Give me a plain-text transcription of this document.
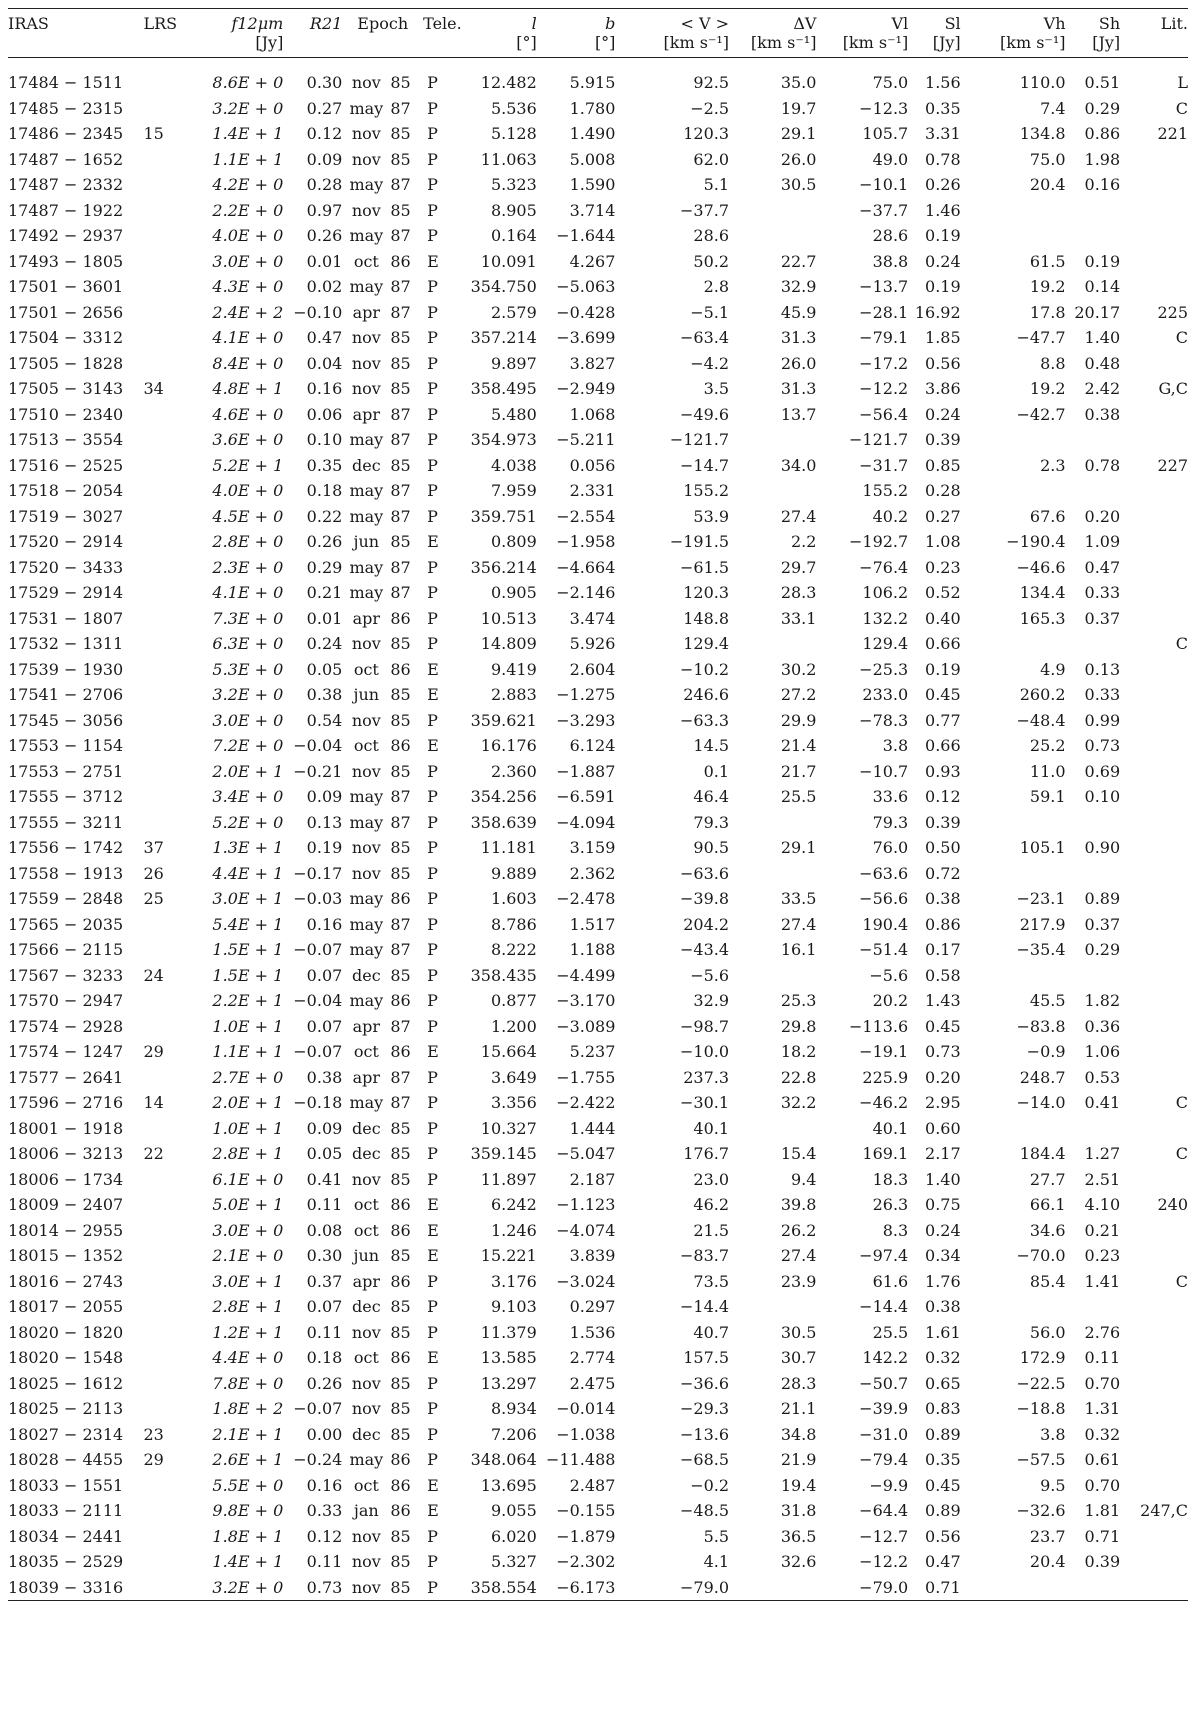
IRAS	LRS	f12μm	R21	Epoch		Tele.	l	b	< V >	ΔV	Vl	Sl	Vh	Sh	Lit.
		[Jy]					[°]	[°]	[km s⁻¹]	[km s⁻¹]	[km s⁻¹]	[Jy]	[km s⁻¹]	[Jy]	

17484 − 1511		8.6E + 0	0.30	nov	85	P	12.482	5.915	92.5	35.0	75.0	1.56	110.0	0.51	L
17485 − 2315		3.2E + 0	0.27	may	87	P	5.536	1.780	−2.5	19.7	−12.3	0.35	7.4	0.29	C
17486 − 2345	15	1.4E + 1	0.12	nov	85	P	5.128	1.490	120.3	29.1	105.7	3.31	134.8	0.86	221
17487 − 1652		1.1E + 1	0.09	nov	85	P	11.063	5.008	62.0	26.0	49.0	0.78	75.0	1.98	
17487 − 2332		4.2E + 0	0.28	may	87	P	5.323	1.590	5.1	30.5	−10.1	0.26	20.4	0.16	
17487 − 1922		2.2E + 0	0.97	nov	85	P	8.905	3.714	−37.7		−37.7	1.46			
17492 − 2937		4.0E + 0	0.26	may	87	P	0.164	−1.644	28.6		28.6	0.19			
17493 − 1805		3.0E + 0	0.01	oct	86	E	10.091	4.267	50.2	22.7	38.8	0.24	61.5	0.19	
17501 − 3601		4.3E + 0	0.02	may	87	P	354.750	−5.063	2.8	32.9	−13.7	0.19	19.2	0.14	
17501 − 2656		2.4E + 2	−0.10	apr	87	P	2.579	−0.428	−5.1	45.9	−28.1	16.92	17.8	20.17	225
17504 − 3312		4.1E + 0	0.47	nov	85	P	357.214	−3.699	−63.4	31.3	−79.1	1.85	−47.7	1.40	C
17505 − 1828		8.4E + 0	0.04	nov	85	P	9.897	3.827	−4.2	26.0	−17.2	0.56	8.8	0.48	
17505 − 3143	34	4.8E + 1	0.16	nov	85	P	358.495	−2.949	3.5	31.3	−12.2	3.86	19.2	2.42	G,C
17510 − 2340		4.6E + 0	0.06	apr	87	P	5.480	1.068	−49.6	13.7	−56.4	0.24	−42.7	0.38	
17513 − 3554		3.6E + 0	0.10	may	87	P	354.973	−5.211	−121.7		−121.7	0.39			
17516 − 2525		5.2E + 1	0.35	dec	85	P	4.038	0.056	−14.7	34.0	−31.7	0.85	2.3	0.78	227
17518 − 2054		4.0E + 0	0.18	may	87	P	7.959	2.331	155.2		155.2	0.28			
17519 − 3027		4.5E + 0	0.22	may	87	P	359.751	−2.554	53.9	27.4	40.2	0.27	67.6	0.20	
17520 − 2914		2.8E + 0	0.26	jun	85	E	0.809	−1.958	−191.5	2.2	−192.7	1.08	−190.4	1.09	
17520 − 3433		2.3E + 0	0.29	may	87	P	356.214	−4.664	−61.5	29.7	−76.4	0.23	−46.6	0.47	
17529 − 2914		4.1E + 0	0.21	may	87	P	0.905	−2.146	120.3	28.3	106.2	0.52	134.4	0.33	
17531 − 1807		7.3E + 0	0.01	apr	86	P	10.513	3.474	148.8	33.1	132.2	0.40	165.3	0.37	
17532 − 1311		6.3E + 0	0.24	nov	85	P	14.809	5.926	129.4		129.4	0.66			C
17539 − 1930		5.3E + 0	0.05	oct	86	E	9.419	2.604	−10.2	30.2	−25.3	0.19	4.9	0.13	
17541 − 2706		3.2E + 0	0.38	jun	85	E	2.883	−1.275	246.6	27.2	233.0	0.45	260.2	0.33	
17545 − 3056		3.0E + 0	0.54	nov	85	P	359.621	−3.293	−63.3	29.9	−78.3	0.77	−48.4	0.99	
17553 − 1154		7.2E + 0	−0.04	oct	86	E	16.176	6.124	14.5	21.4	3.8	0.66	25.2	0.73	
17553 − 2751		2.0E + 1	−0.21	nov	85	P	2.360	−1.887	0.1	21.7	−10.7	0.93	11.0	0.69	
17555 − 3712		3.4E + 0	0.09	may	87	P	354.256	−6.591	46.4	25.5	33.6	0.12	59.1	0.10	
17555 − 3211		5.2E + 0	0.13	may	87	P	358.639	−4.094	79.3		79.3	0.39			
17556 − 1742	37	1.3E + 1	0.19	nov	85	P	11.181	3.159	90.5	29.1	76.0	0.50	105.1	0.90	
17558 − 1913	26	4.4E + 1	−0.17	nov	85	P	9.889	2.362	−63.6		−63.6	0.72			
17559 − 2848	25	3.0E + 1	−0.03	may	86	P	1.603	−2.478	−39.8	33.5	−56.6	0.38	−23.1	0.89	
17565 − 2035		5.4E + 1	0.16	may	87	P	8.786	1.517	204.2	27.4	190.4	0.86	217.9	0.37	
17566 − 2115		1.5E + 1	−0.07	may	87	P	8.222	1.188	−43.4	16.1	−51.4	0.17	−35.4	0.29	
17567 − 3233	24	1.5E + 1	0.07	dec	85	P	358.435	−4.499	−5.6		−5.6	0.58			
17570 − 2947		2.2E + 1	−0.04	may	86	P	0.877	−3.170	32.9	25.3	20.2	1.43	45.5	1.82	
17574 − 2928		1.0E + 1	0.07	apr	87	P	1.200	−3.089	−98.7	29.8	−113.6	0.45	−83.8	0.36	
17574 − 1247	29	1.1E + 1	−0.07	oct	86	E	15.664	5.237	−10.0	18.2	−19.1	0.73	−0.9	1.06	
17577 − 2641		2.7E + 0	0.38	apr	87	P	3.649	−1.755	237.3	22.8	225.9	0.20	248.7	0.53	
17596 − 2716	14	2.0E + 1	−0.18	may	87	P	3.356	−2.422	−30.1	32.2	−46.2	2.95	−14.0	0.41	C
18001 − 1918		1.0E + 1	0.09	dec	85	P	10.327	1.444	40.1		40.1	0.60			
18006 − 3213	22	2.8E + 1	0.05	dec	85	P	359.145	−5.047	176.7	15.4	169.1	2.17	184.4	1.27	C
18006 − 1734		6.1E + 0	0.41	nov	85	P	11.897	2.187	23.0	9.4	18.3	1.40	27.7	2.51	
18009 − 2407		5.0E + 1	0.11	oct	86	E	6.242	−1.123	46.2	39.8	26.3	0.75	66.1	4.10	240
18014 − 2955		3.0E + 0	0.08	oct	86	E	1.246	−4.074	21.5	26.2	8.3	0.24	34.6	0.21	
18015 − 1352		2.1E + 0	0.30	jun	85	E	15.221	3.839	−83.7	27.4	−97.4	0.34	−70.0	0.23	
18016 − 2743		3.0E + 1	0.37	apr	86	P	3.176	−3.024	73.5	23.9	61.6	1.76	85.4	1.41	C
18017 − 2055		2.8E + 1	0.07	dec	85	P	9.103	0.297	−14.4		−14.4	0.38			
18020 − 1820		1.2E + 1	0.11	nov	85	P	11.379	1.536	40.7	30.5	25.5	1.61	56.0	2.76	
18020 − 1548		4.4E + 0	0.18	oct	86	E	13.585	2.774	157.5	30.7	142.2	0.32	172.9	0.11	
18025 − 1612		7.8E + 0	0.26	nov	85	P	13.297	2.475	−36.6	28.3	−50.7	0.65	−22.5	0.70	
18025 − 2113		1.8E + 2	−0.07	nov	85	P	8.934	−0.014	−29.3	21.1	−39.9	0.83	−18.8	1.31	
18027 − 2314	23	2.1E + 1	0.00	dec	85	P	7.206	−1.038	−13.6	34.8	−31.0	0.89	3.8	0.32	
18028 − 4455	29	2.6E + 1	−0.24	may	86	P	348.064	−11.488	−68.5	21.9	−79.4	0.35	−57.5	0.61	
18033 − 1551		5.5E + 0	0.16	oct	86	E	13.695	2.487	−0.2	19.4	−9.9	0.45	9.5	0.70	
18033 − 2111		9.8E + 0	0.33	jan	86	E	9.055	−0.155	−48.5	31.8	−64.4	0.89	−32.6	1.81	247,C
18034 − 2441		1.8E + 1	0.12	nov	85	P	6.020	−1.879	5.5	36.5	−12.7	0.56	23.7	0.71	
18035 − 2529		1.4E + 1	0.11	nov	85	P	5.327	−2.302	4.1	32.6	−12.2	0.47	20.4	0.39	
18039 − 3316		3.2E + 0	0.73	nov	85	P	358.554	−6.173	−79.0		−79.0	0.71			
